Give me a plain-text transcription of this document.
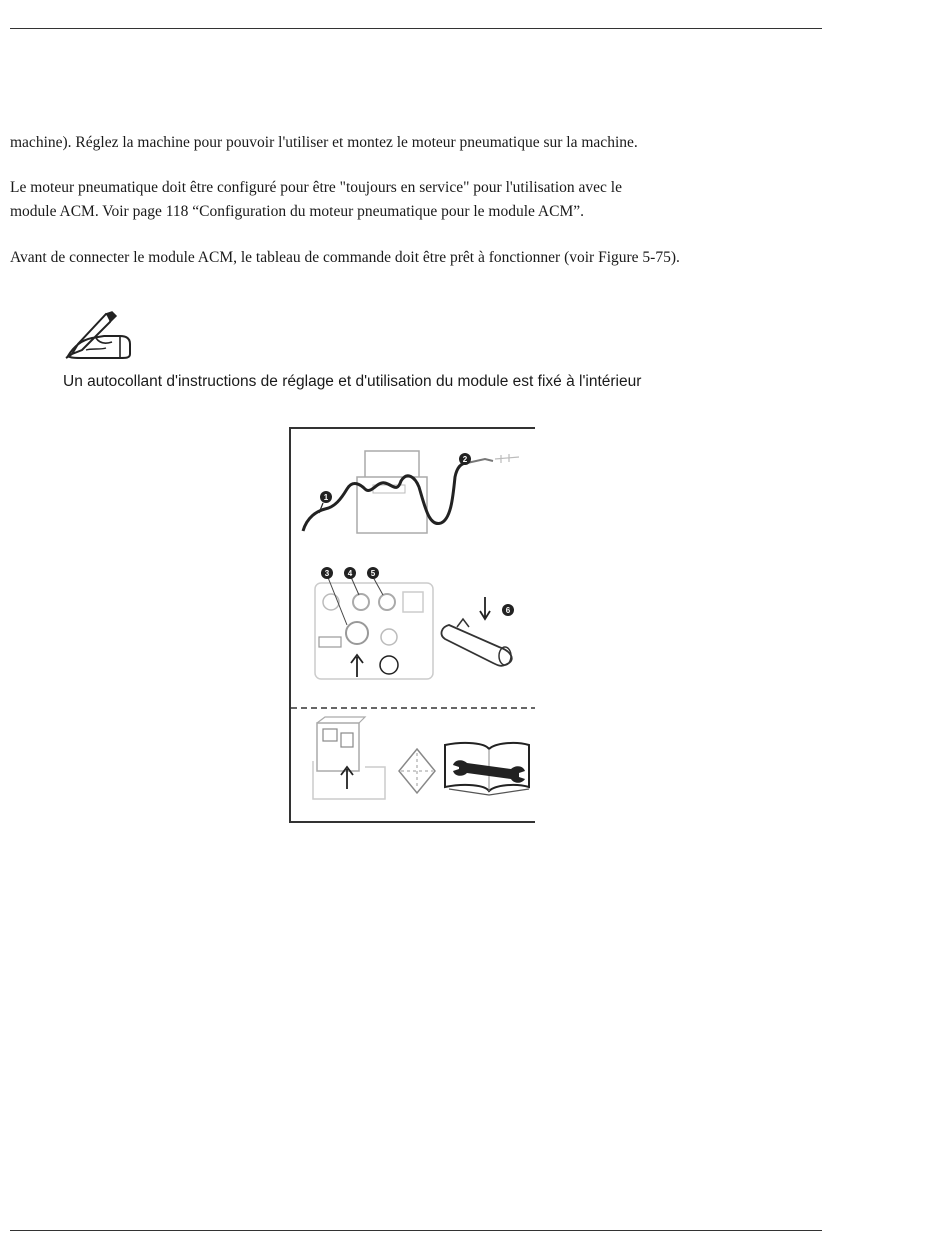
machine). Réglez la machine pour pouvoir l'utiliser et montez le moteur pneumatique sur la machine.

Le moteur pneumatique doit être configuré pour être "toujours en service" pour l'utilisation avec le
module ACM. Voir page 118 “Configuration du moteur pneumatique pour le module ACM”.

Avant de connecter le module ACM, le tableau de commande doit être prêt à fonctionner (voir Figure 5-75).

Un autocollant d'instructions de réglage et d'utilisation du module est fixé à l'intérieur

1
2
3 4 5
6
